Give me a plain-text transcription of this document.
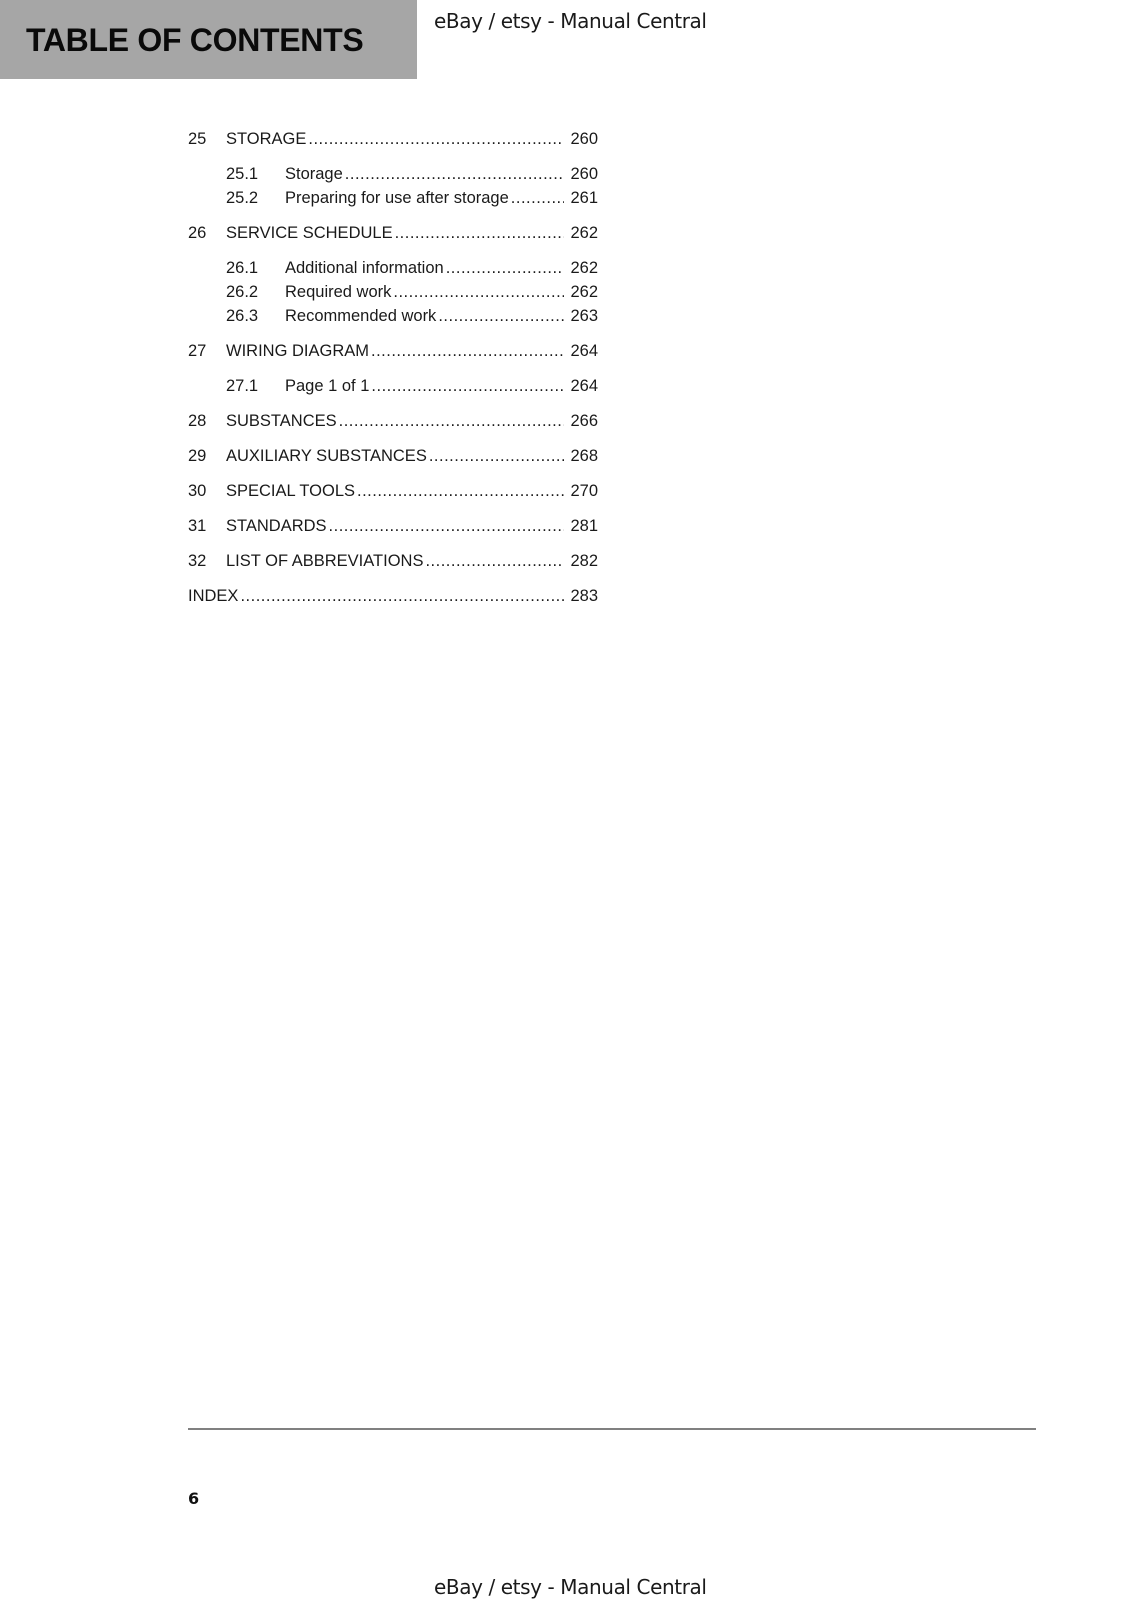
TABLE OF CONTENTS
eBay / etsy - Manual Central
25	STORAGE .....	260
25.1	Storage .....	260
25.2	Preparing for use after storage .....	261
26	SERVICE SCHEDULE .....	262
26.1	Additional information .....	262
26.2	Required work .....	262
26.3	Recommended work .....	263
27	WIRING DIAGRAM .....	264
27.1	Page 1 of 1 .....	264
28	SUBSTANCES .....	266
29	AUXILIARY SUBSTANCES .....	268
30	SPECIAL TOOLS .....	270
31	STANDARDS .....	281
32	LIST OF ABBREVIATIONS .....	282
INDEX .....	283
6
eBay / etsy - Manual Central
